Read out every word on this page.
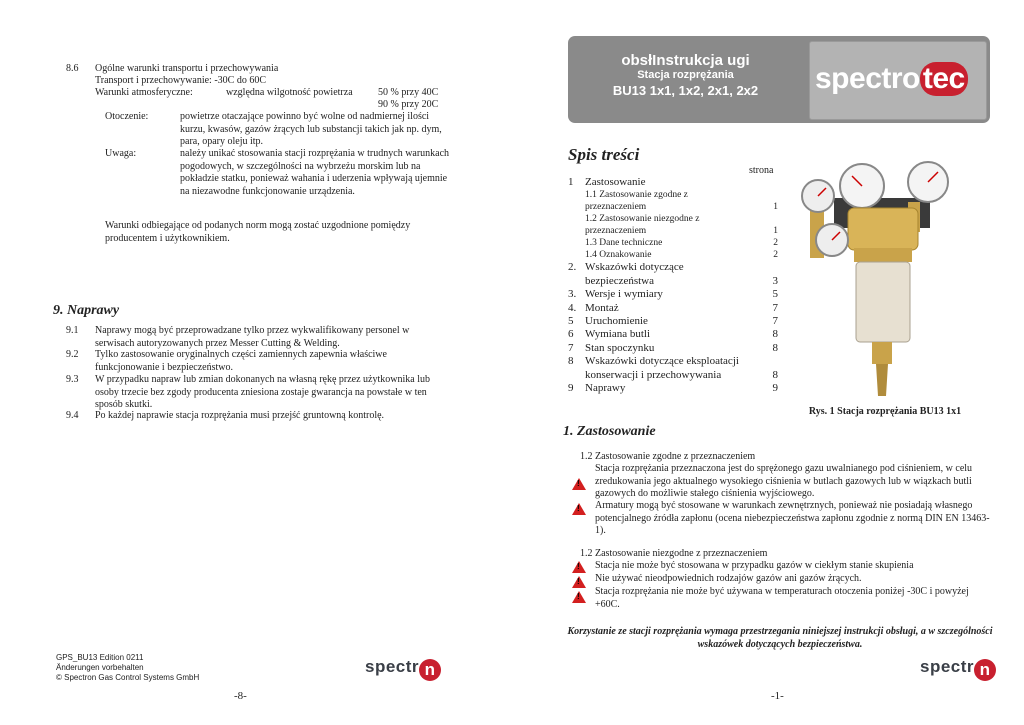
8.6 Ogólne warunki transportu i przechowywania
Transport i przechowywanie: -30C do 60C
Warunki atmosferyczne:	względna wilgotność powietrza	50 % przy 40C
90 % przy 20C
Otoczenie:	powietrze otaczające powinno być wolne od nadmiernej ilości kurzu, kwasów, gazów żrących lub substancji takich jak np. dym, para, opary oleju itp.
Uwaga:	należy unikać stosowania stacji rozprężania w trudnych warunkach pogodowych, w szczególności na wybrzeżu morskim lub na pokładzie statku, ponieważ wahania i uderzenia wpływają ujemnie na niezawodne funkcjonowanie urządzenia.
Warunki odbiegające od podanych norm mogą zostać uzgodnione pomiędzy producentem i użytkownikiem.
9. Naprawy
9.1 Naprawy mogą być przeprowadzane tylko przez wykwalifikowany personel w serwisach autoryzowanych przez Messer Cutting & Welding.
9.2 Tylko zastosowanie oryginalnych części zamiennych zapewnia właściwe funkcjonowanie i bezpieczeństwo.
9.3 W przypadku napraw lub zmian dokonanych na własną rękę przez użytkownika lub osoby trzecie bez zgody producenta zniesiona zostaje gwarancja na powstałe w ten sposób skutki.
9.4 Po każdej naprawie stacja rozprężania musi przejść gruntowną kontrolę.
GPS_BU13 Edition 0211
Änderungen vorbehalten
© Spectron Gas Control Systems GmbH
spectr n
-8-
obsłInstrukcja ugi
Stacja rozprężania
BU13 1x1, 1x2, 2x1, 2x2	spectro tec
Spis treści
strona
1 Zastosowanie
1.1 Zastosowanie zgodne z
przeznaczeniem	1
1.2 Zastosowanie niezgodne z
przeznaczeniem	1
1.3 Dane techniczne	2
1.4 Oznakowanie	2
2. Wskazówki dotyczące
bezpieczeństwa	3
3. Wersje i wymiary	5
4. Montaż	7
5 Uruchomienie	7
6 Wymiana butli	8
7 Stan spoczynku	8
8 Wskazówki dotyczące eksploatacji
konserwacji i przechowywania	8
9 Naprawy	9
Rys. 1 Stacja rozprężania BU13 1x1
1. Zastosowanie
1.2 Zastosowanie zgodne z przeznaczeniem
Stacja rozprężania przeznaczona jest do sprężonego gazu uwalnianego pod ciśnieniem, w celu zredukowania jego aktualnego wysokiego ciśnienia w butlach gazowych lub w wiązkach butli gazowych do możliwie stałego ciśnienia wyjściowego.
Armatury mogą być stosowane w warunkach zewnętrznych, ponieważ nie posiadają własnego potencjalnego źródła zapłonu (ocena niebezpieczeństwa zapłonu zgodnie z normą DIN EN 13463-1).
1.2 Zastosowanie niezgodne z przeznaczeniem
Stacja nie może być stosowana w przypadku gazów w ciekłym stanie skupienia
Nie używać nieodpowiednich rodzajów gazów ani gazów żrących.
Stacja rozprężania nie może być używana w temperaturach otoczenia poniżej -30C i powyżej +60C.
!
!
!
!
!
Korzystanie ze stacji rozprężania wymaga przestrzegania niniejszej instrukcji obsługi, a w szczególności wskazówek dotyczących bezpieczeństwa.
spectr n
-1-
